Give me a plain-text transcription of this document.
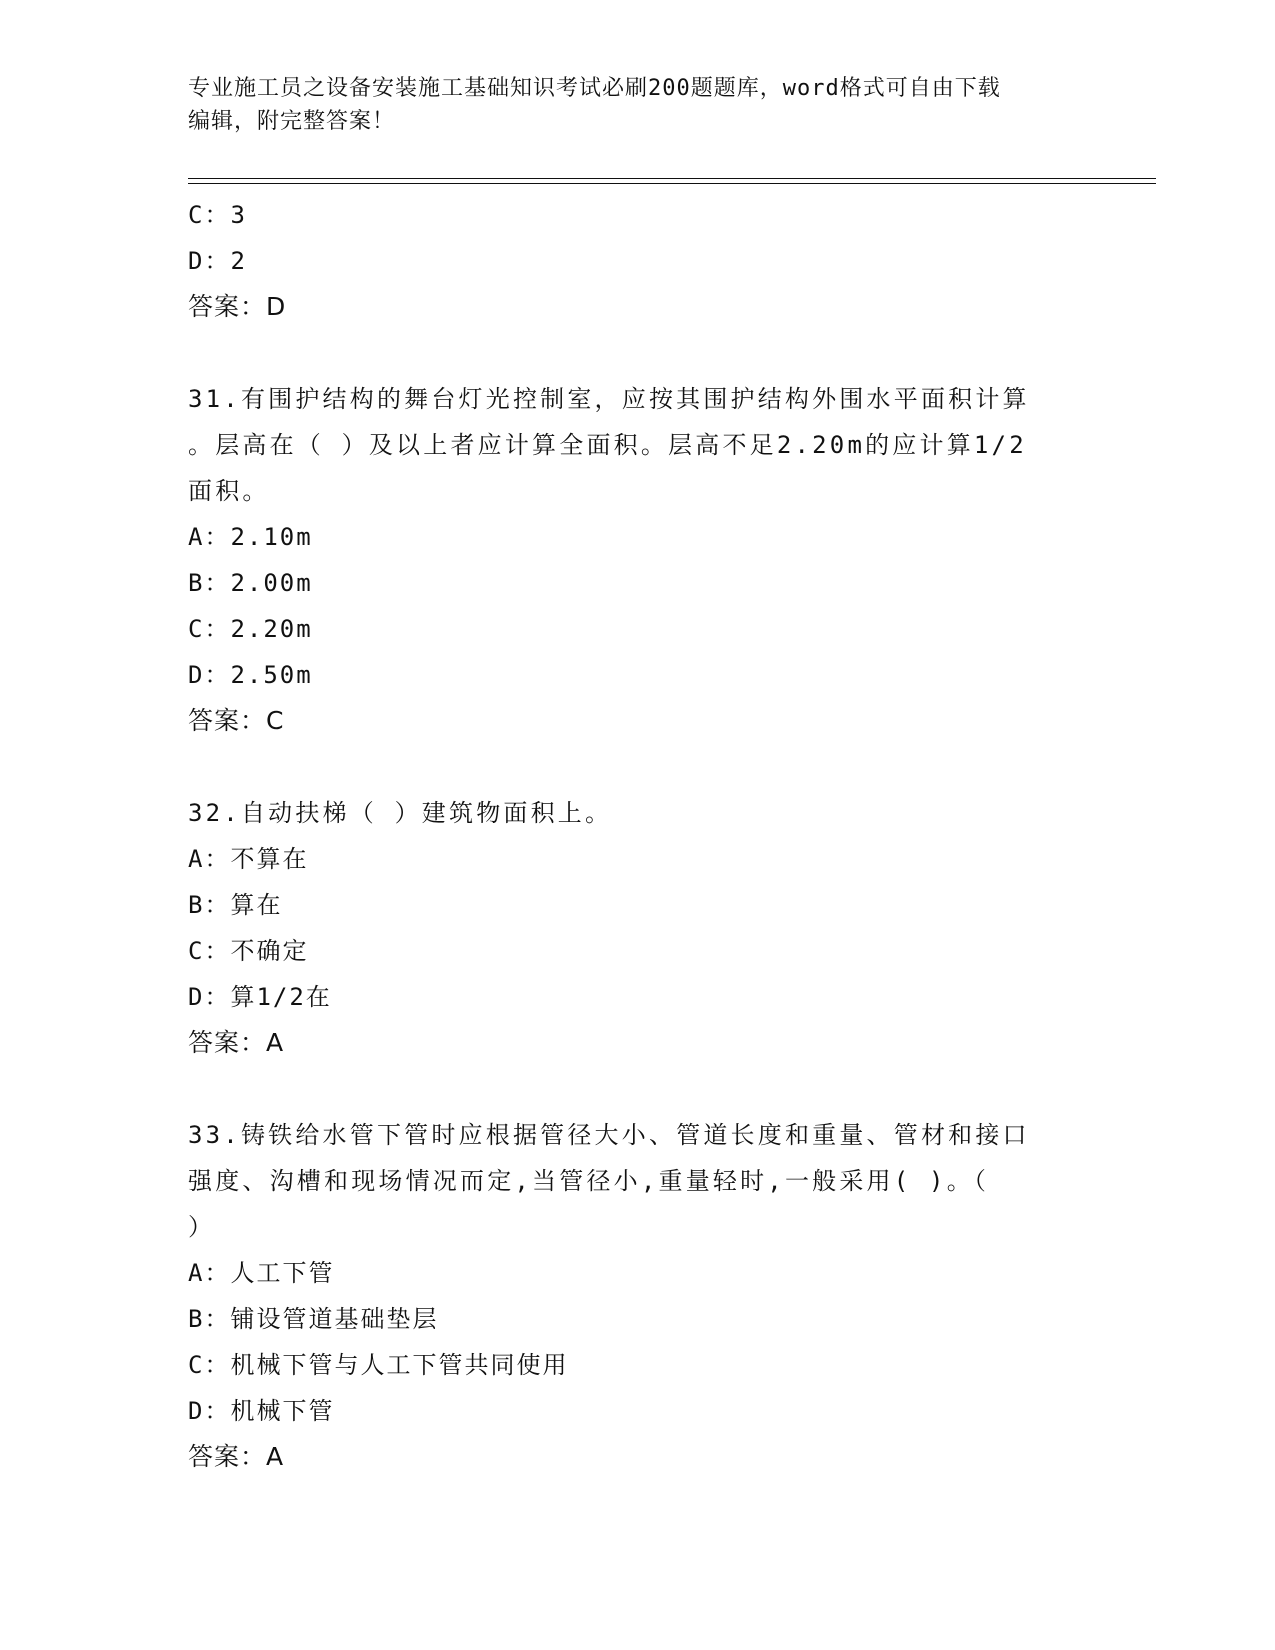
专业施工员之设备安装施工基础知识考试必刷200题题库，word格式可自由下载
编辑，附完整答案！
C：3
D：2
答案：D
31.有围护结构的舞台灯光控制室，应按其围护结构外围水平面积计算
。层高在（ ）及以上者应计算全面积。层高不足2.20m的应计算1/2
面积。
A：2.10m
B：2.00m
C：2.20m
D：2.50m
答案：C
32.自动扶梯（ ）建筑物面积上。
A：不算在
B：算在
C：不确定
D：算1/2在
答案：A
33.铸铁给水管下管时应根据管径大小、管道长度和重量、管材和接口
强度、沟槽和现场情况而定,当管径小,重量轻时,一般采用( )。（
）
A：人工下管
B：铺设管道基础垫层
C：机械下管与人工下管共同使用
D：机械下管
答案：A
